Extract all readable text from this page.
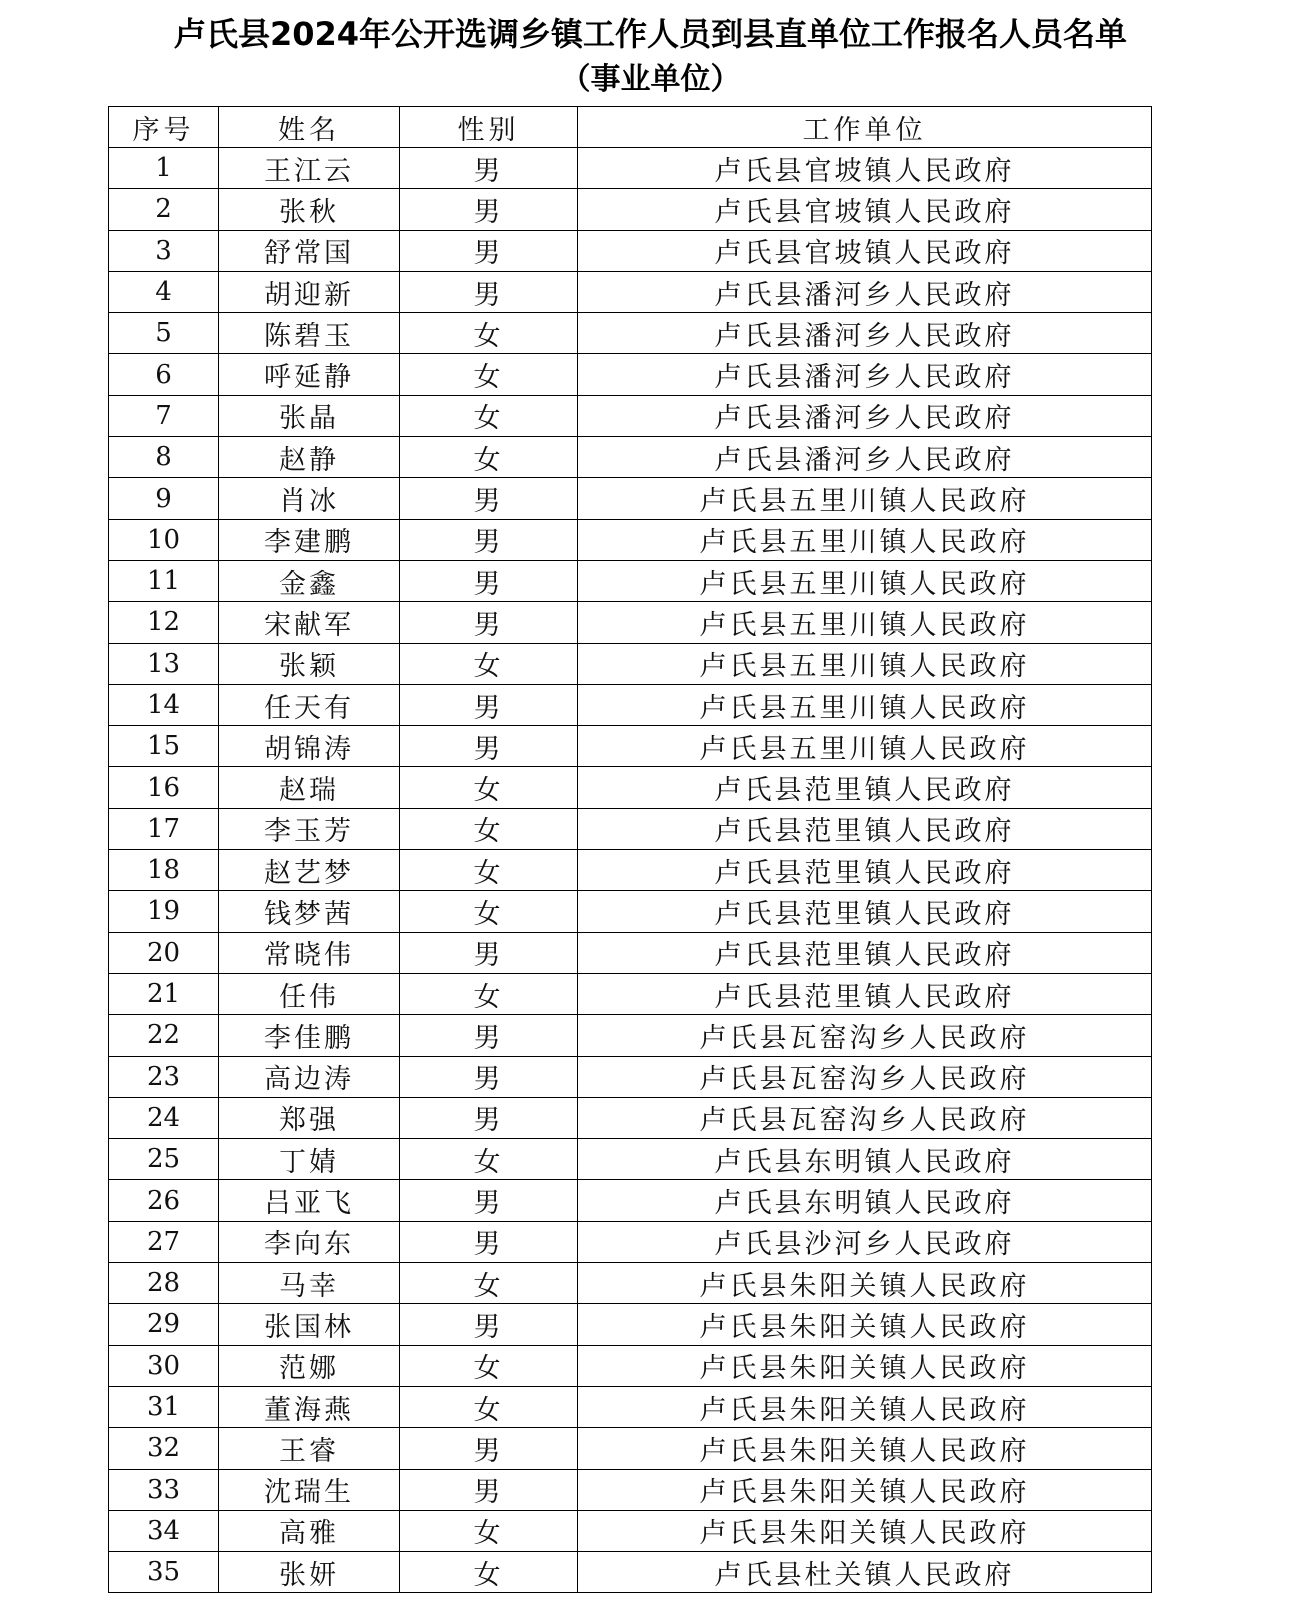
卢氏县2024年公开选调乡镇工作人员到县直单位工作报名人员名单
（事业单位）
序号	姓名	性别	工作单位
1	王江云	男	卢氏县官坡镇人民政府
2	张秋	男	卢氏县官坡镇人民政府
3	舒常国	男	卢氏县官坡镇人民政府
4	胡迎新	男	卢氏县潘河乡人民政府
5	陈碧玉	女	卢氏县潘河乡人民政府
6	呼延静	女	卢氏县潘河乡人民政府
7	张晶	女	卢氏县潘河乡人民政府
8	赵静	女	卢氏县潘河乡人民政府
9	肖冰	男	卢氏县五里川镇人民政府
10	李建鹏	男	卢氏县五里川镇人民政府
11	金鑫	男	卢氏县五里川镇人民政府
12	宋献军	男	卢氏县五里川镇人民政府
13	张颖	女	卢氏县五里川镇人民政府
14	任天有	男	卢氏县五里川镇人民政府
15	胡锦涛	男	卢氏县五里川镇人民政府
16	赵瑞	女	卢氏县范里镇人民政府
17	李玉芳	女	卢氏县范里镇人民政府
18	赵艺梦	女	卢氏县范里镇人民政府
19	钱梦茜	女	卢氏县范里镇人民政府
20	常晓伟	男	卢氏县范里镇人民政府
21	任伟	女	卢氏县范里镇人民政府
22	李佳鹏	男	卢氏县瓦窑沟乡人民政府
23	高边涛	男	卢氏县瓦窑沟乡人民政府
24	郑强	男	卢氏县瓦窑沟乡人民政府
25	丁婧	女	卢氏县东明镇人民政府
26	吕亚飞	男	卢氏县东明镇人民政府
27	李向东	男	卢氏县沙河乡人民政府
28	马幸	女	卢氏县朱阳关镇人民政府
29	张国林	男	卢氏县朱阳关镇人民政府
30	范娜	女	卢氏县朱阳关镇人民政府
31	董海燕	女	卢氏县朱阳关镇人民政府
32	王睿	男	卢氏县朱阳关镇人民政府
33	沈瑞生	男	卢氏县朱阳关镇人民政府
34	高雅	女	卢氏县朱阳关镇人民政府
35	张妍	女	卢氏县杜关镇人民政府
